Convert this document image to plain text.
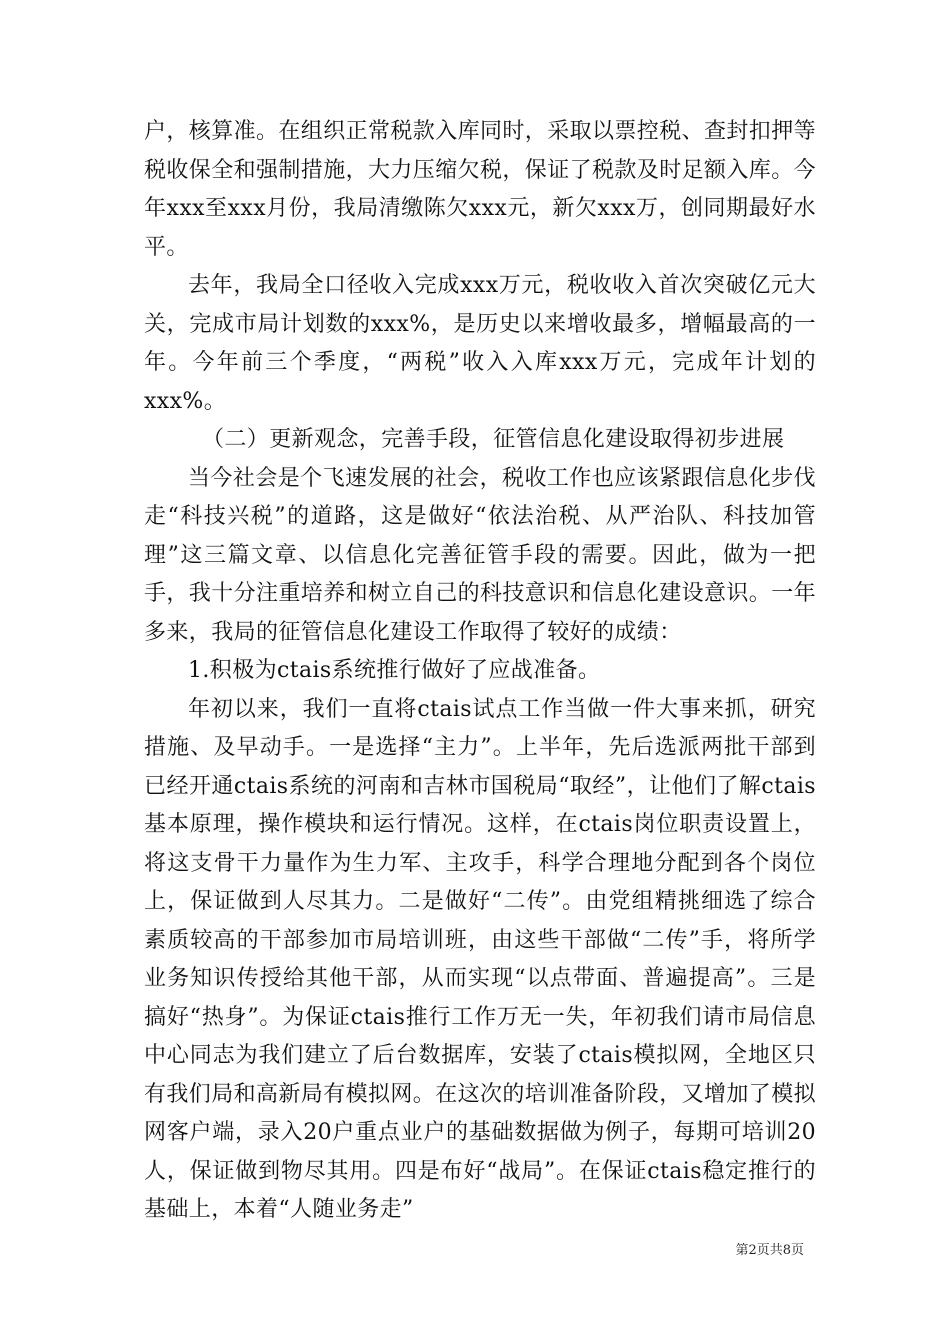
户，核算准。在组织正常税款入库同时，采取以票控税、查封扣押等税收保全和强制措施，大力压缩欠税，保证了税款及时足额入库。今年xxx至xxx月份，我局清缴陈欠xxx元，新欠xxx万，创同期最好水平。

去年，我局全口径收入完成xxx万元，税收收入首次突破亿元大关，完成市局计划数的xxx%，是历史以来增收最多，增幅最高的一年。今年前三个季度，“两税”收入入库xxx万元，完成年计划的xxx%。

（二）更新观念，完善手段，征管信息化建设取得初步进展

当今社会是个飞速发展的社会，税收工作也应该紧跟信息化步伐走“科技兴税”的道路，这是做好“依法治税、从严治队、科技加管理”这三篇文章、以信息化完善征管手段的需要。因此，做为一把手，我十分注重培养和树立自己的科技意识和信息化建设意识。一年多来，我局的征管信息化建设工作取得了较好的成绩：

1.积极为ctais系统推行做好了应战准备。

年初以来，我们一直将ctais试点工作当做一件大事来抓，研究措施、及早动手。一是选择“主力”。上半年，先后选派两批干部到已经开通ctais系统的河南和吉林市国税局“取经”，让他们了解ctais基本原理，操作模块和运行情况。这样，在ctais岗位职责设置上，将这支骨干力量作为生力军、主攻手，科学合理地分配到各个岗位上，保证做到人尽其力。二是做好“二传”。由党组精挑细选了综合素质较高的干部参加市局培训班，由这些干部做“二传”手，将所学业务知识传授给其他干部，从而实现“以点带面、普遍提高”。三是搞好“热身”。为保证ctais推行工作万无一失，年初我们请市局信息中心同志为我们建立了后台数据库，安装了ctais模拟网，全地区只有我们局和高新局有模拟网。在这次的培训准备阶段，又增加了模拟网客户端，录入20户重点业户的基础数据做为例子，每期可培训20人，保证做到物尽其用。四是布好“战局”。在保证ctais稳定推行的基础上，本着“人随业务走”

第2页共8页
